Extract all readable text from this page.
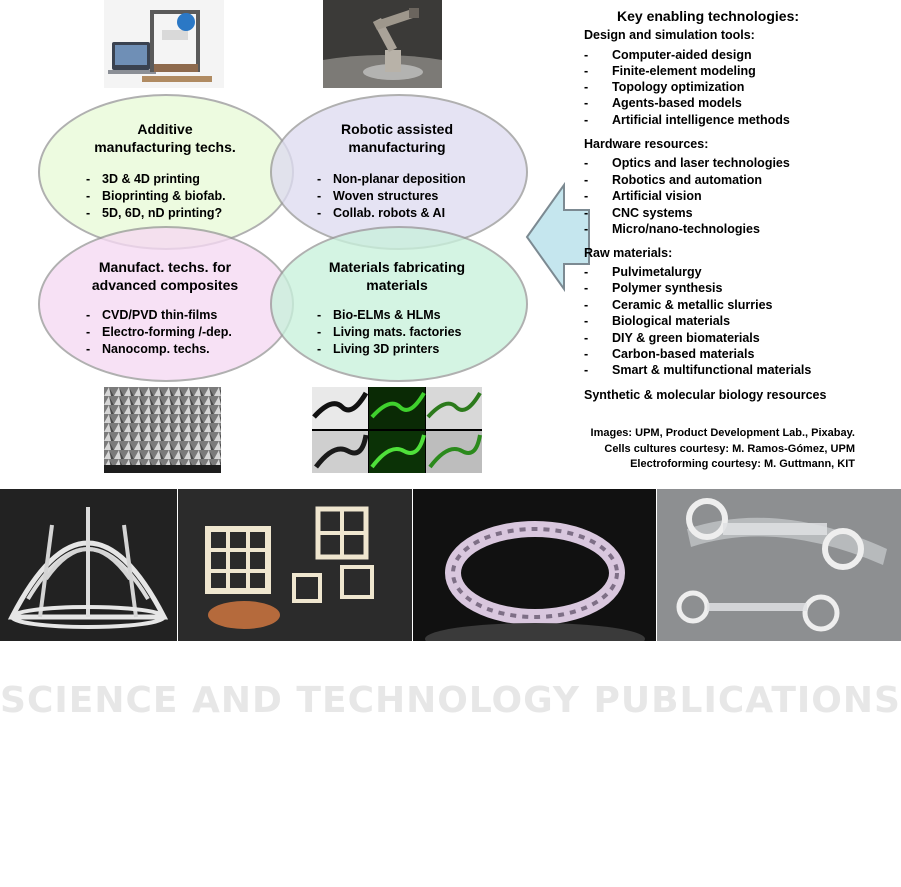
Additive
manufacturing techs.
- 3D & 4D printing
- Bioprinting & biofab.
- 5D, 6D, nD printing?
Robotic assisted
manufacturing
- Non-planar deposition
- Woven structures
- Collab. robots & AI
Manufact. techs. for
advanced composites
- CVD/PVD thin-films
- Electro-forming /-dep.
- Nanocomp. techs.
Materials fabricating
materials
- Bio-ELMs & HLMs
- Living mats. factories
- Living 3D printers
Key enabling technologies:
Design and simulation tools:
- Computer-aided design
- Finite-element modeling
- Topology optimization
- Agents-based models
- Artificial intelligence methods
Hardware resources:
- Optics and laser technologies
- Robotics and automation
- Artificial vision
- CNC systems
- Micro/nano-technologies
Raw materials:
- Pulvimetalurgy
- Polymer synthesis
- Ceramic & metallic slurries
- Biological materials
- DIY & green biomaterials
- Carbon-based materials
- Smart & multifunctional materials
Synthetic & molecular biology resources
Images: UPM, Product Development Lab., Pixabay.
Cells cultures courtesy: M. Ramos-Gómez, UPM
Electroforming courtesy: M. Guttmann, KIT
SCIENCE AND TECHNOLOGY PUBLICATIONS
